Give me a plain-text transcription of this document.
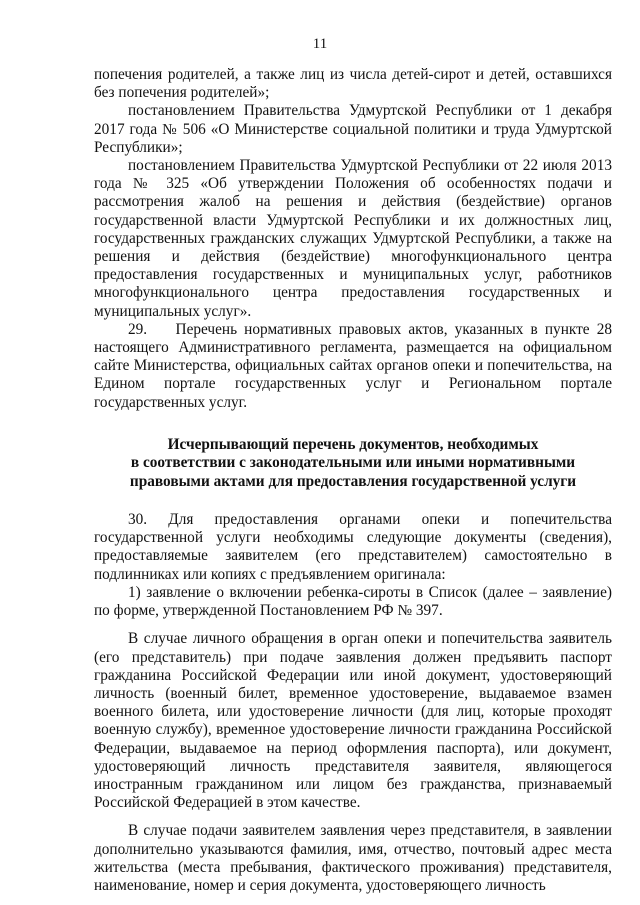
11

попечения родителей, а также лиц из числа детей-сирот и детей, оставшихся без попечения родителей»;

постановлением Правительства Удмуртской Республики от 1 декабря 2017 года № 506 «О Министерстве социальной политики и труда Удмуртской Республики»;

постановлением Правительства Удмуртской Республики от 22 июля 2013 года № 325 «Об утверждении Положения об особенностях подачи и рассмотрения жалоб на решения и действия (бездействие) органов государственной власти Удмуртской Республики и их должностных лиц, государственных гражданских служащих Удмуртской Республики, а также на решения и действия (бездействие) многофункционального центра предоставления государственных и муниципальных услуг, работников многофункционального центра предоставления государственных и муниципальных услуг».

29.    Перечень нормативных правовых актов, указанных в пункте 28 настоящего Административного регламента, размещается на официальном сайте Министерства, официальных сайтах органов опеки и попечительства, на Едином портале государственных услуг и Региональном портале государственных услуг.

Исчерпывающий перечень документов, необходимых
в соответствии с законодательными или иными нормативными
правовыми актами для предоставления государственной услуги

30. Для предоставления органами опеки и попечительства государственной услуги необходимы следующие документы (сведения), предоставляемые заявителем (его представителем) самостоятельно в подлинниках или копиях с предъявлением оригинала:

1) заявление о включении ребенка-сироты в Список (далее – заявление) по форме, утвержденной Постановлением РФ № 397.

В случае личного обращения в орган опеки и попечительства заявитель (его представитель) при подаче заявления должен предъявить паспорт гражданина Российской Федерации или иной документ, удостоверяющий личность (военный билет, временное удостоверение, выдаваемое взамен военного билета, или удостоверение личности (для лиц, которые проходят военную службу), временное удостоверение личности гражданина Российской Федерации, выдаваемое на период оформления паспорта), или документ, удостоверяющий личность представителя заявителя, являющегося иностранным гражданином или лицом без гражданства, признаваемый Российской Федерацией в этом качестве.

В случае подачи заявителем заявления через представителя, в заявлении дополнительно указываются фамилия, имя, отчество, почтовый адрес места жительства (места пребывания, фактического проживания) представителя, наименование, номер и серия документа, удостоверяющего личность
